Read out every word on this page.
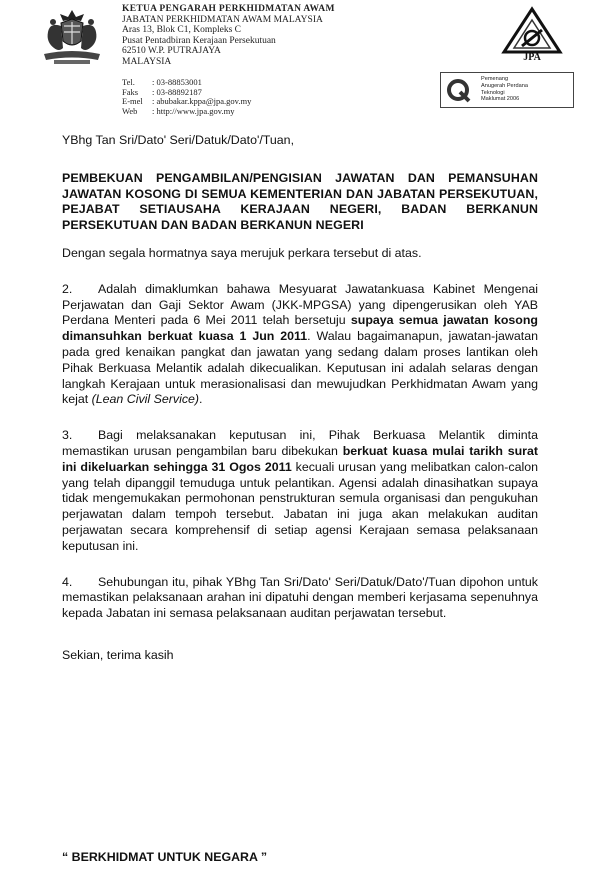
KETUA PENGARAH PERKHIDMATAN AWAM
JABATAN PERKHIDMATAN AWAM MALAYSIA
Aras 13, Blok C1, Kompleks C
Pusat Pentadbiran Kerajaan Persekutuan
62510 W.P. PUTRAJAYA
MALAYSIA
Tel. : 03-88853001
Faks : 03-88892187
E-mel : abubakar.kppa@jpa.gov.my
Web : http://www.jpa.gov.my
JPA
Pemenang
Anugerah Perdana
Teknologi
Maklumat 2006
YBhg Tan Sri/Dato' Seri/Datuk/Dato'/Tuan,
PEMBEKUAN PENGAMBILAN/PENGISIAN JAWATAN DAN PEMANSUHAN JAWATAN KOSONG DI SEMUA KEMENTERIAN DAN JABATAN PERSEKUTUAN, PEJABAT SETIAUSAHA KERAJAAN NEGERI, BADAN BERKANUN PERSEKUTUAN DAN BADAN BERKANUN NEGERI
Dengan segala hormatnya saya merujuk perkara tersebut di atas.
2. Adalah dimaklumkan bahawa Mesyuarat Jawatankuasa Kabinet Mengenai Perjawatan dan Gaji Sektor Awam (JKK-MPGSA) yang dipengerusikan oleh YAB Perdana Menteri pada 6 Mei 2011 telah bersetuju supaya semua jawatan kosong dimansuhkan berkuat kuasa 1 Jun 2011. Walau bagaimanapun, jawatan-jawatan pada gred kenaikan pangkat dan jawatan yang sedang dalam proses lantikan oleh Pihak Berkuasa Melantik adalah dikecualikan. Keputusan ini adalah selaras dengan langkah Kerajaan untuk merasionalisasi dan mewujudkan Perkhidmatan Awam yang kejat (Lean Civil Service).
3. Bagi melaksanakan keputusan ini, Pihak Berkuasa Melantik diminta memastikan urusan pengambilan baru dibekukan berkuat kuasa mulai tarikh surat ini dikeluarkan sehingga 31 Ogos 2011 kecuali urusan yang melibatkan calon-calon yang telah dipanggil temuduga untuk pelantikan. Agensi adalah dinasihatkan supaya tidak mengemukakan permohonan penstrukturan semula organisasi dan pengukuhan perjawatan dalam tempoh tersebut. Jabatan ini juga akan melakukan auditan perjawatan secara komprehensif di setiap agensi Kerajaan semasa pelaksanaan keputusan ini.
4. Sehubungan itu, pihak YBhg Tan Sri/Dato' Seri/Datuk/Dato'/Tuan dipohon untuk memastikan pelaksanaan arahan ini dipatuhi dengan memberi kerjasama sepenuhnya kepada Jabatan ini semasa pelaksanaan auditan perjawatan tersebut.
Sekian, terima kasih
“ BERKHIDMAT UNTUK NEGARA ”
